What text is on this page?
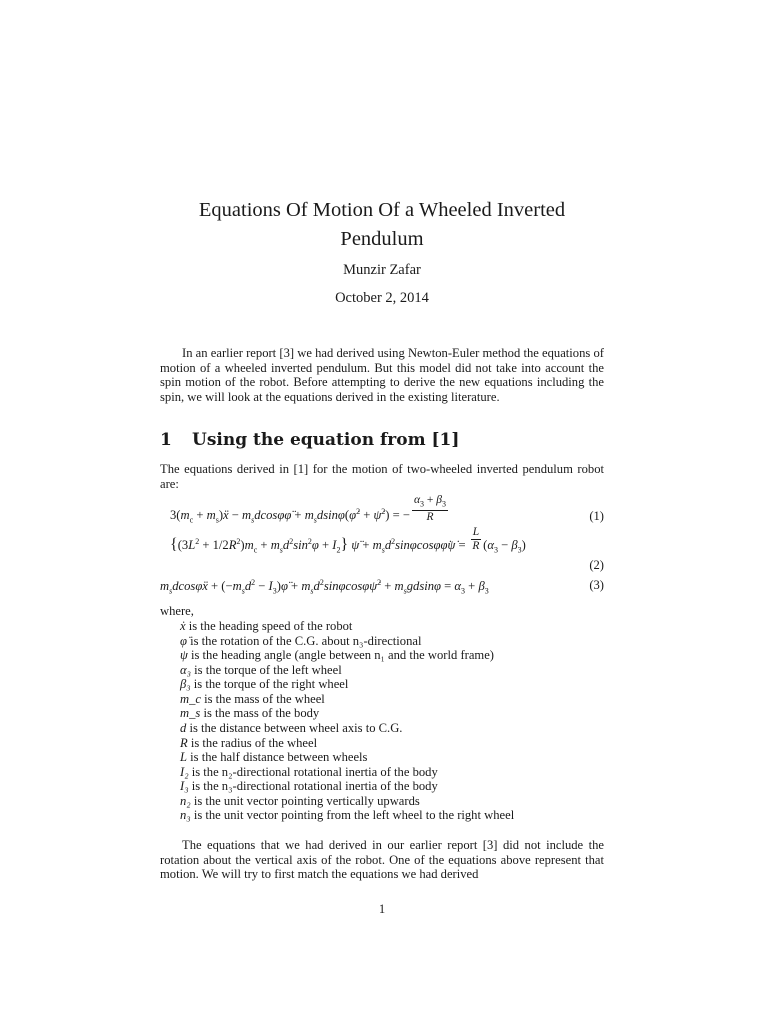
Equations Of Motion Of a Wheeled Inverted Pendulum
Munzir Zafar
October 2, 2014

In an earlier report [3] we had derived using Newton-Euler method the equations of motion of a wheeled inverted pendulum. But this model did not take into account the spin motion of the robot. Before attempting to derive the new equations including the spin, we will look at the equations derived in the existing literature.

1 Using the equation from [1]

The equations derived in [1] for the motion of two-wheeled inverted pendulum robot are:

$3(m_c$ + $m_s)ẍ$ − $m_sdcos\varphi\varphï$ + $m_sdsin\varphi(\varphi̇^2$ + ψ̇$^2$) = − $\frac{\alpha_3 + \beta_3}{R}$	(1)
$\{(3L^2 + 1/2R^2)m_c + m_sd^2\sin^2\varphi + I_2\}$ ψ̈ + $m_sd^2\sin\varphi\cos\varphi\varphi̇\psi̇ = \frac{L}{R} (\alpha_3 - \beta_3)$
(2)
$m_sdcos\varphi ẍ + (-m_sd^2$ − $I_3)\varphï$ + $m_sd^2\sin\varphi\cos\varphi\psi̇^2 + m_sgdsin\varphi = \alpha_3 + \beta_3$	(3)
where,
ẋ is the heading speed of the robot
φ̇ is the rotation of the C.G. about n₃-directional
ψ is the heading angle (angle between n₁ and the world frame)
α₃ is the torque of the left wheel
β₃ is the torque of the right wheel
m_c is the mass of the wheel
m_s is the mass of the body
d is the distance between wheel axis to C.G.
R is the radius of the wheel
L is the half distance between wheels
I₂ is the n₂-directional rotational inertia of the body
I₃ is the n₃-directional rotational inertia of the body
n₂ is the unit vector pointing vertically upwards
n₃ is the unit vector pointing from the left wheel to the right wheel

The equations that we had derived in our earlier report [3] did not include the rotation about the vertical axis of the robot. One of the equations above represent that motion. We will try to first match the equations we had derived

1
